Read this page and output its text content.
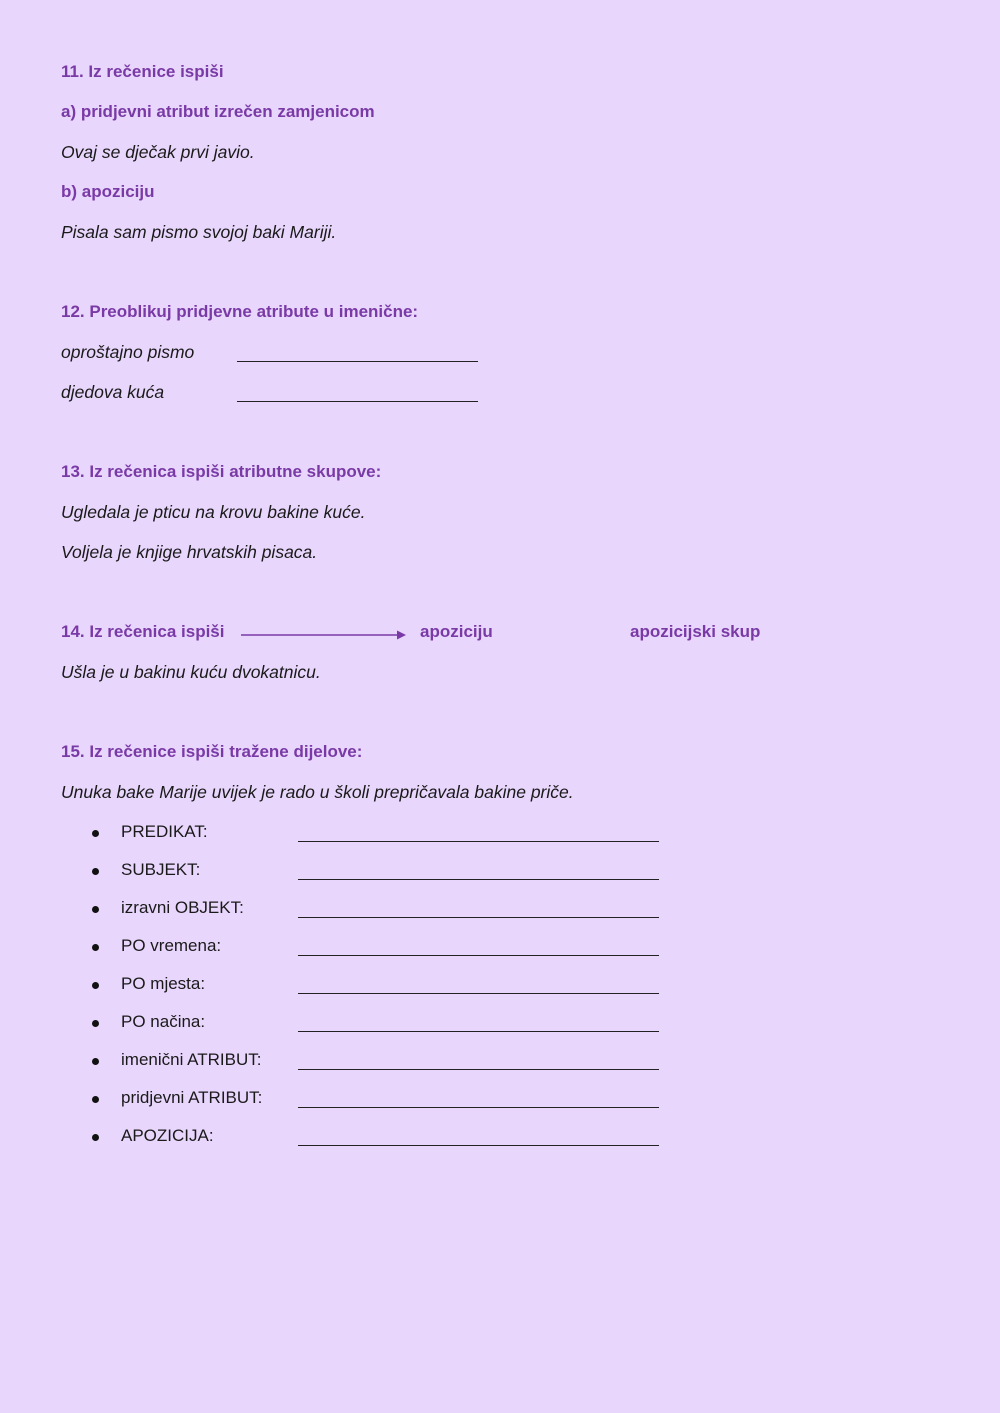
11. Iz rečenice ispiši
a) pridjevni atribut izrečen zamjenicom
Ovaj se dječak prvi javio.
b) apoziciju
Pisala sam pismo svojoj baki Mariji.
12. Preoblikuj pridjevne atribute u imenične:
oproštajno pismo
djedova kuća
13. Iz rečenica ispiši atributne skupove:
Ugledala je pticu na krovu bakine kuće.
Voljela je knjige hrvatskih pisaca.
14. Iz rečenica ispiši	apoziciju	apozicijski skup
Ušla je u bakinu kuću dvokatnicu.
15. Iz rečenice ispiši tražene dijelove:
Unuka bake Marije uvijek je rado u školi prepričavala bakine priče.
PREDIKAT:
SUBJEKT:
izravni OBJEKT:
PO vremena:
PO mjesta:
PO načina:
imenični ATRIBUT:
pridjevni ATRIBUT:
APOZICIJA:
